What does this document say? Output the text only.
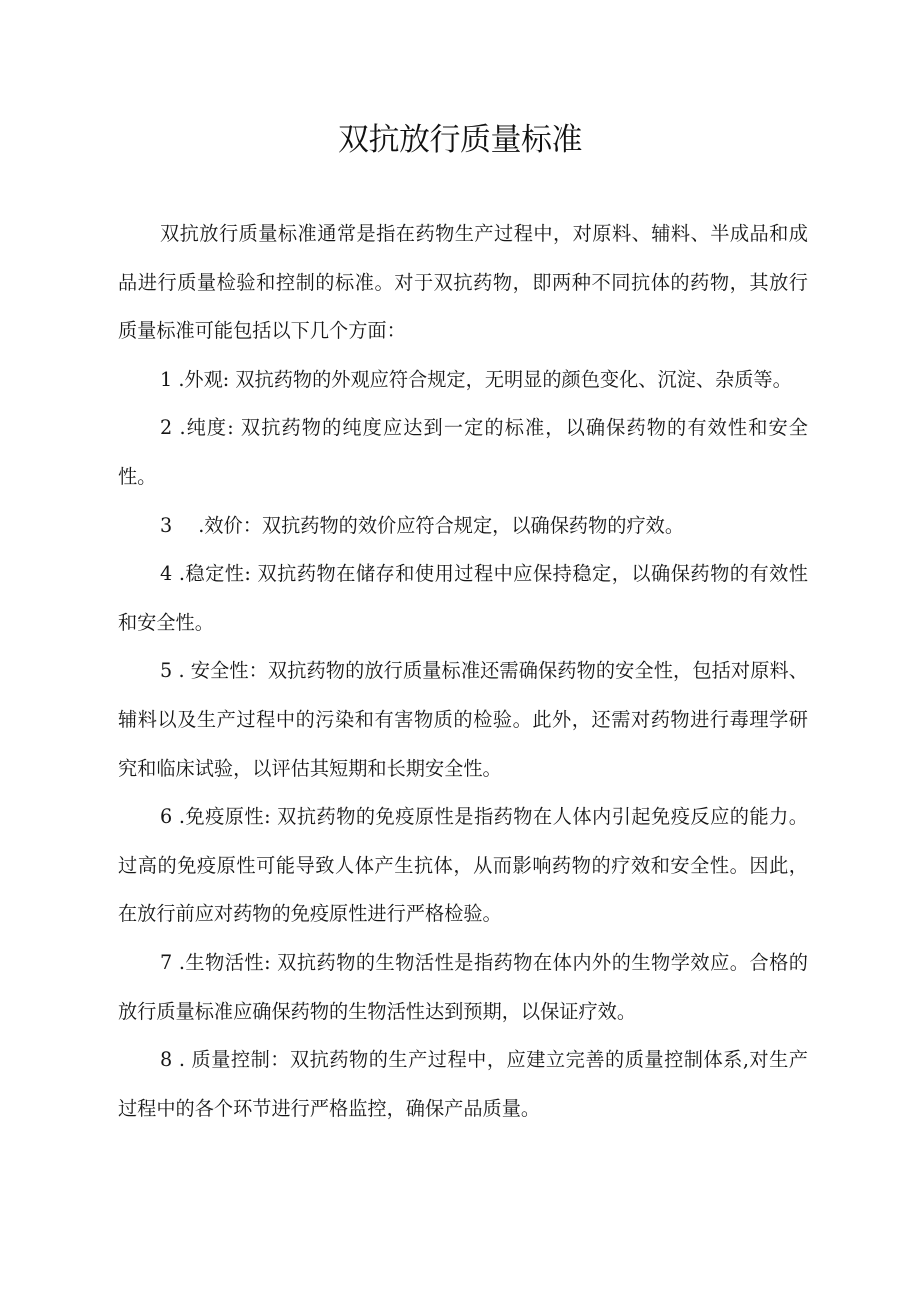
双抗放行质量标准

双抗放行质量标准通常是指在药物生产过程中，对原料、辅料、半成品和成品进行质量检验和控制的标准。对于双抗药物，即两种不同抗体的药物，其放行质量标准可能包括以下几个方面：

1 .外观: 双抗药物的外观应符合规定，无明显的颜色变化、沉淀、杂质等。

2 .纯度: 双抗药物的纯度应达到一定的标准，以确保药物的有效性和安全性。

3 .效价：双抗药物的效价应符合规定，以确保药物的疗效。

4 .稳定性: 双抗药物在储存和使用过程中应保持稳定，以确保药物的有效性和安全性。

5 . 安全性：双抗药物的放行质量标准还需确保药物的安全性，包括对原料、辅料以及生产过程中的污染和有害物质的检验。此外，还需对药物进行毒理学研究和临床试验，以评估其短期和长期安全性。

6 .免疫原性: 双抗药物的免疫原性是指药物在人体内引起免疫反应的能力。过高的免疫原性可能导致人体产生抗体，从而影响药物的疗效和安全性。因此，在放行前应对药物的免疫原性进行严格检验。

7 .生物活性: 双抗药物的生物活性是指药物在体内外的生物学效应。合格的放行质量标准应确保药物的生物活性达到预期，以保证疗效。

8 . 质量控制：双抗药物的生产过程中，应建立完善的质量控制体系,对生产过程中的各个环节进行严格监控，确保产品质量。
